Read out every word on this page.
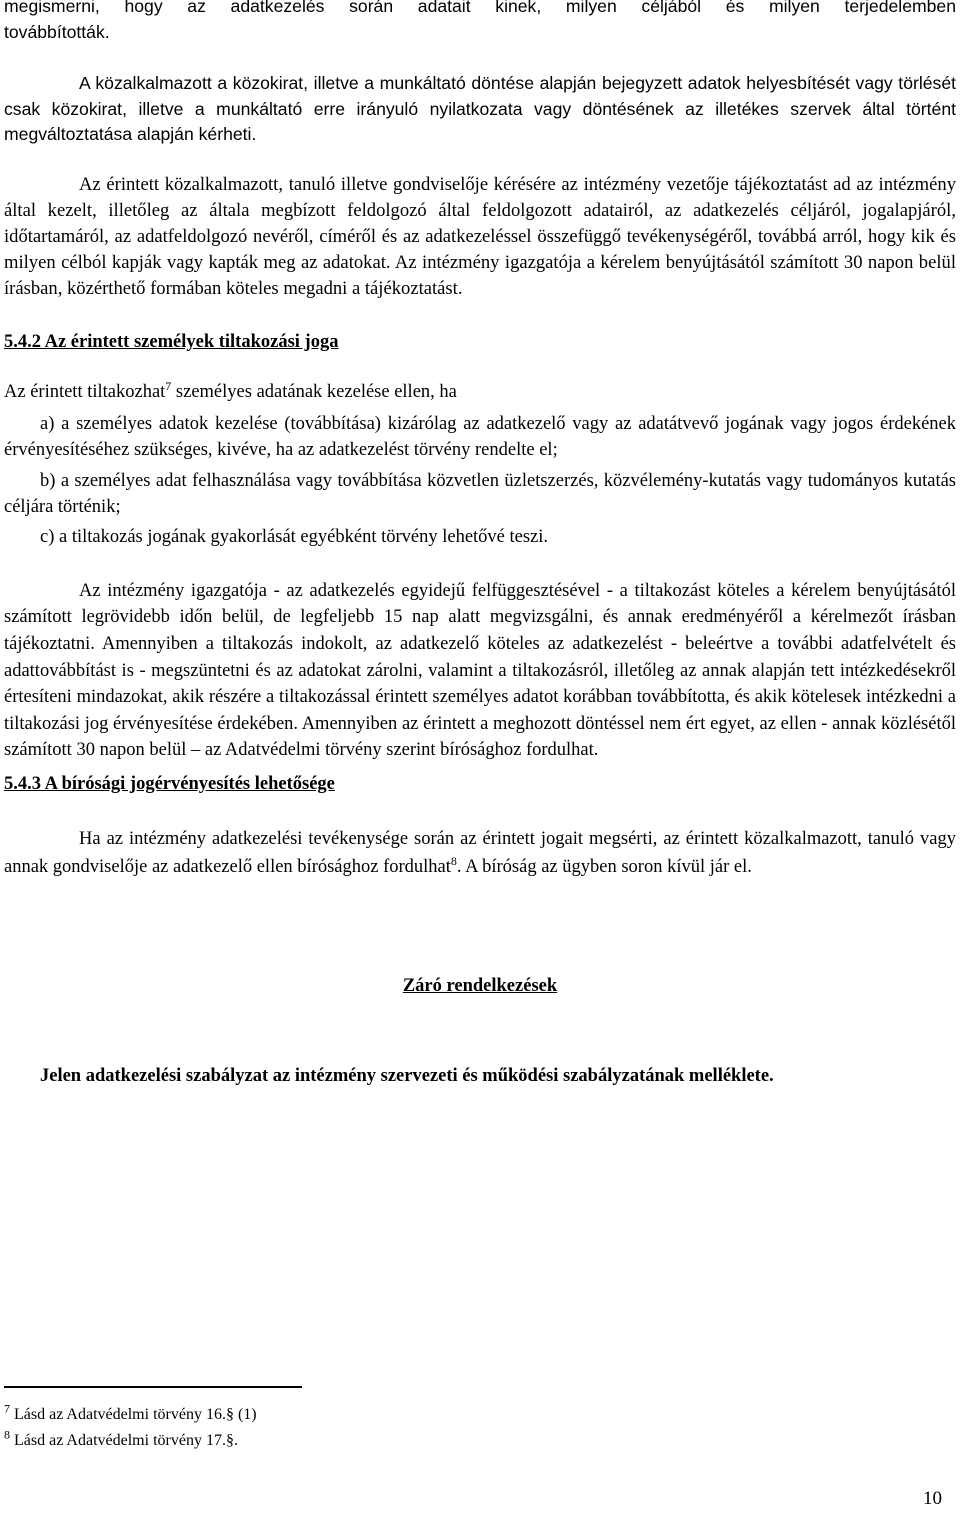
megismerni, hogy az adatkezelés során adatait kinek, milyen céljából és milyen terjedelemben
továbbították.

A közalkalmazott a közokirat, illetve a munkáltató döntése alapján bejegyzett adatok helyesbítését vagy törlését csak közokirat, illetve a munkáltató erre irányuló nyilatkozata vagy döntésének az illetékes szervek által történt megváltoztatása alapján kérheti.

Az érintett közalkalmazott, tanuló illetve gondviselője kérésére az intézmény vezetője tájékoztatást ad az intézmény által kezelt, illetőleg az általa megbízott feldolgozó által feldolgozott adatairól, az adatkezelés céljáról, jogalapjáról, időtartamáról, az adatfeldolgozó nevéről, címéről és az adatkezeléssel összefüggő tevékenységéről, továbbá arról, hogy kik és milyen célból kapják vagy kapták meg az adatokat. Az intézmény igazgatója a kérelem benyújtásától számított 30 napon belül írásban, közérthető formában köteles megadni a tájékoztatást.

5.4.2 Az érintett személyek tiltakozási joga

Az érintett tiltakozhat$^7$ személyes adatának kezelése ellen, ha

a) a személyes adatok kezelése (továbbítása) kizárólag az adatkezelő vagy az adatátvevő jogának vagy jogos érdekének érvényesítéséhez szükséges, kivéve, ha az adatkezelést törvény rendelte el;

b) a személyes adat felhasználása vagy továbbítása közvetlen üzletszerzés, közvélemény-kutatás vagy tudományos kutatás céljára történik;

c) a tiltakozás jogának gyakorlását egyébként törvény lehetővé teszi.

Az intézmény igazgatója - az adatkezelés egyidejű felfüggesztésével - a tiltakozást köteles a kérelem benyújtásától számított legrövidebb időn belül, de legfeljebb 15 nap alatt megvizsgálni, és annak eredményéről a kérelmezőt írásban tájékoztatni. Amennyiben a tiltakozás indokolt, az adatkezelő köteles az adatkezelést - beleértve a további adatfelvételt és adattovábbítást is - megszüntetni és az adatokat zárolni, valamint a tiltakozásról, illetőleg az annak alapján tett intézkedésekről értesíteni mindazokat, akik részére a tiltakozással érintett személyes adatot korábban továbbította, és akik kötelesek intézkedni a tiltakozási jog érvényesítése érdekében. Amennyiben az érintett a meghozott döntéssel nem ért egyet, az ellen - annak közlésétől számított 30 napon belül – az Adatvédelmi törvény szerint bírósághoz fordulhat.

5.4.3 A bírósági jogérvényesítés lehetősége

Ha az intézmény adatkezelési tevékenysége során az érintett jogait megsérti, az érintett közalkalmazott, tanuló vagy annak gondviselője az adatkezelő ellen bírósághoz fordulhat$^8$. A bíróság az ügyben soron kívül jár el.

Záró rendelkezések

Jelen adatkezelési szabályzat az intézmény szervezeti és működési szabályzatának melléklete.

$^7$ Lásd az Adatvédelmi törvény 16.§ (1)
$^8$ Lásd az Adatvédelmi törvény 17.§.
10
